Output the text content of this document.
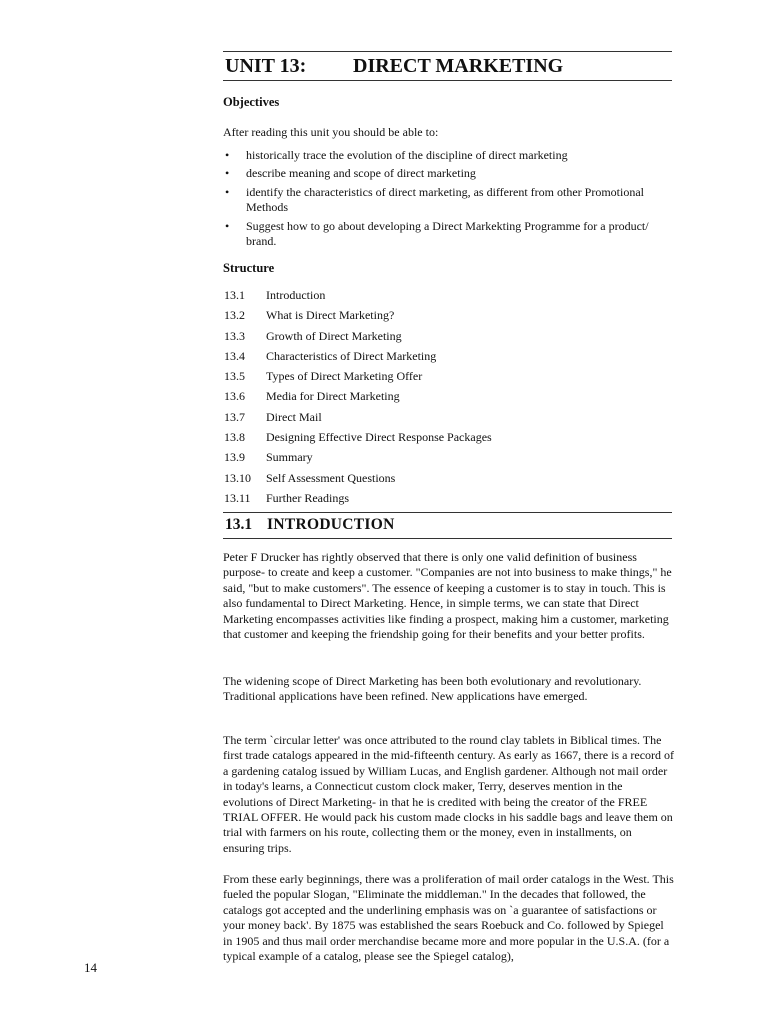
UNIT 13: DIRECT MARKETING
Objectives
After reading this unit you should be able to:
• historically trace the evolution of the discipline of direct marketing
• describe meaning and scope of direct marketing
• identify the characteristics of direct marketing, as different from other Promotional Methods
• Suggest how to go about developing a Direct Markekting Programme for a product/ brand.
Structure
13.1 Introduction
13.2 What is Direct Marketing?
13.3 Growth of Direct Marketing
13.4 Characteristics of Direct Marketing
13.5 Types of Direct Marketing Offer
13.6 Media for Direct Marketing
13.7 Direct Mail
13.8 Designing Effective Direct Response Packages
13.9 Summary
13.10 Self Assessment Questions
13.11 Further Readings
13.1 INTRODUCTION
Peter F Drucker has rightly observed that there is only one valid definition of business purpose- to create and keep a customer. "Companies are not into business to make things," he said, "but to make customers". The essence of keeping a customer is to stay in touch. This is also fundamental to Direct Marketing. Hence, in simple terms, we can state that Direct Marketing encompasses activities like finding a prospect, making him a customer, marketing that customer and keeping the friendship going for their benefits and your better profits.
The widening scope of Direct Marketing has been both evolutionary and revolutionary. Traditional applications have been refined. New applications have emerged.
The term `circular letter' was once attributed to the round clay tablets in Biblical times. The first trade catalogs appeared in the mid-fifteenth century. As early as 1667, there is a record of a gardening catalog issued by William Lucas, and English gardener. Although not mail order in today's learns, a Connecticut custom clock maker, Terry, deserves mention in the evolutions of Direct Marketing- in that he is credited with being the creator of the FREE TRIAL OFFER. He would pack his custom made clocks in his saddle bags and leave them on trial with farmers on his route, collecting them or the money, even in installments, on ensuring trips.
From these early beginnings, there was a proliferation of mail order catalogs in the West. This fueled the popular Slogan, "Eliminate the middleman." In the decades that followed, the catalogs got accepted and the underlining emphasis was on `a guarantee of satisfactions or your money back'. By 1875 was established the sears Roebuck and Co. followed by Spiegel in 1905 and thus mail order merchandise became more and more popular in the U.S.A. (for a typical example of a catalog, please see the Spiegel catalog),
14
